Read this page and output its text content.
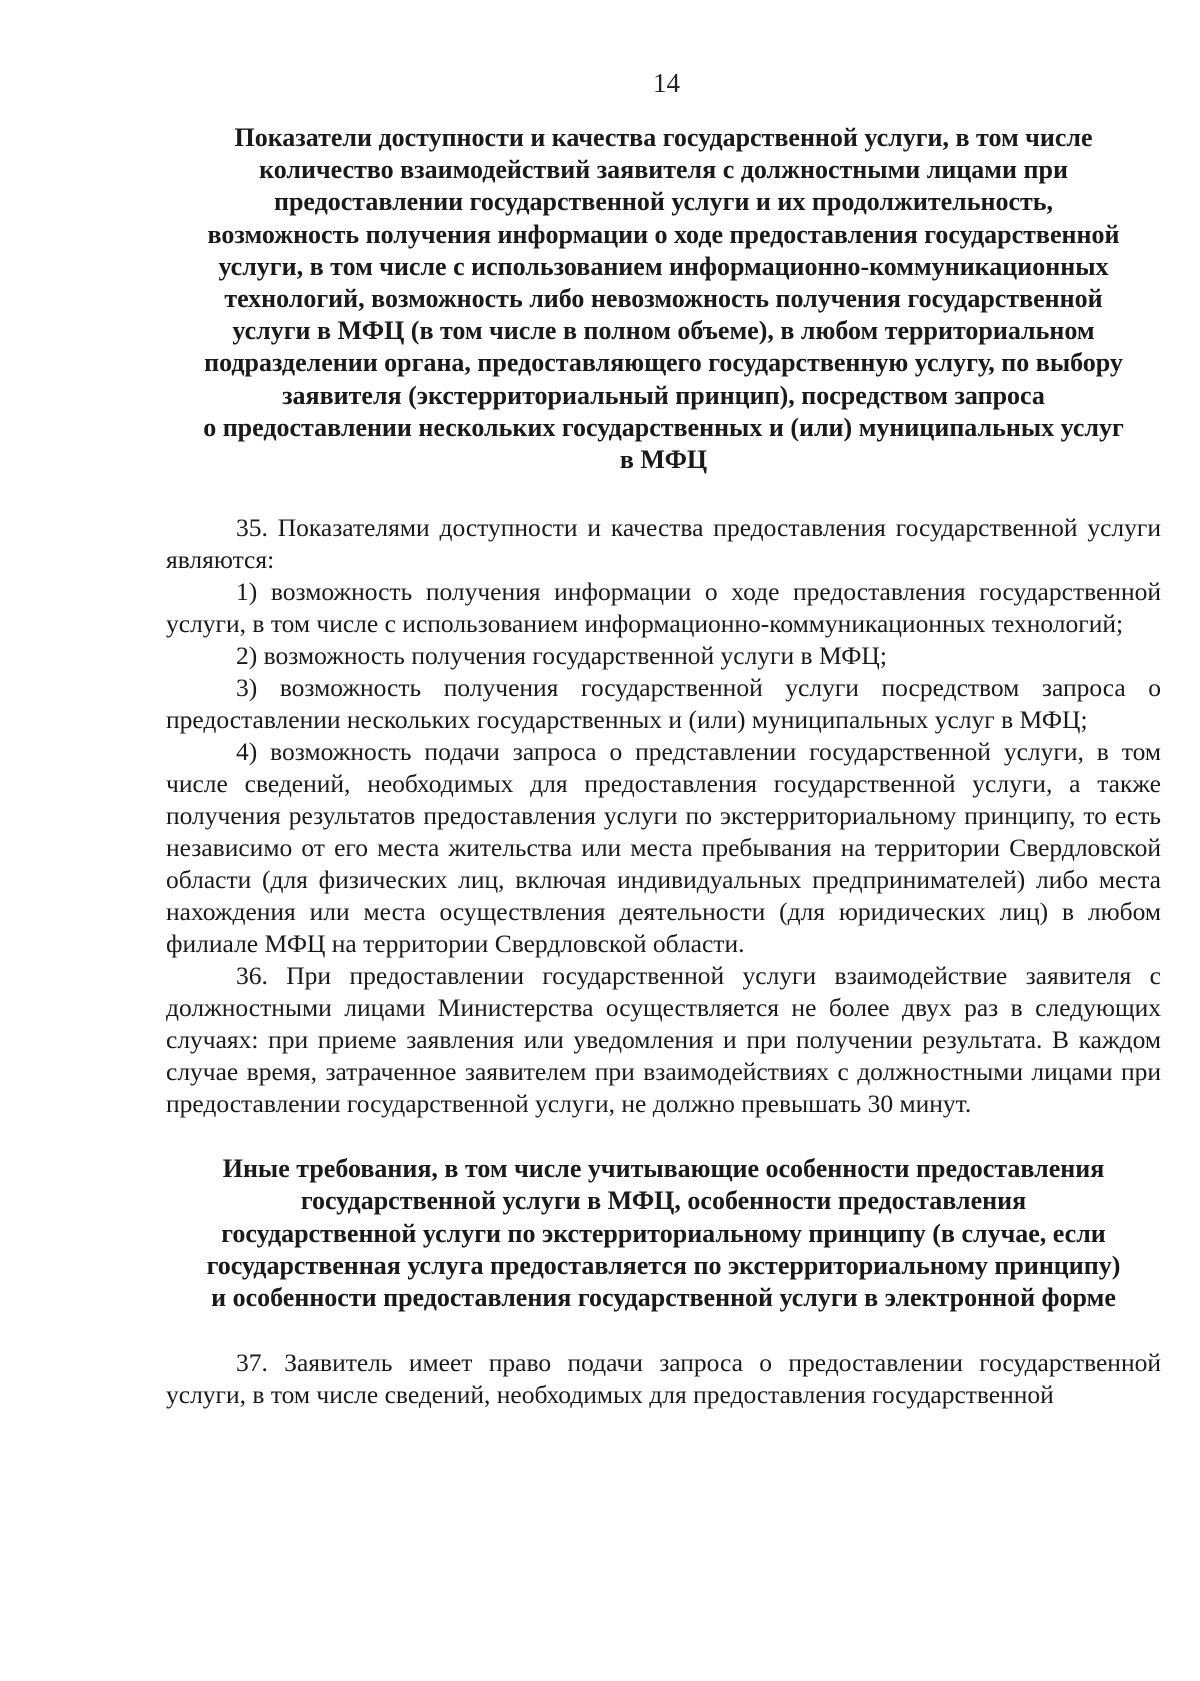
14
Показатели доступности и качества государственной услуги, в том числе
количество взаимодействий заявителя с должностными лицами при
предоставлении государственной услуги и их продолжительность,
возможность получения информации о ходе предоставления государственной
услуги, в том числе с использованием информационно-коммуникационных
технологий, возможность либо невозможность получения государственной
услуги в МФЦ (в том числе в полном объеме), в любом территориальном
подразделении органа, предоставляющего государственную услугу, по выбору
заявителя (экстерриториальный принцип), посредством запроса
о предоставлении нескольких государственных и (или) муниципальных услуг
в МФЦ

35. Показателями доступности и качества предоставления государственной услуги являются:

1) возможность получения информации о ходе предоставления государственной услуги, в том числе с использованием информационно-коммуникационных технологий;

2) возможность получения государственной услуги в МФЦ;

3) возможность получения государственной услуги посредством запроса о предоставлении нескольких государственных и (или) муниципальных услуг в МФЦ;

4) возможность подачи запроса о представлении государственной услуги, в том числе сведений, необходимых для предоставления государственной услуги, а также получения результатов предоставления услуги по экстерриториальному принципу, то есть независимо от его места жительства или места пребывания на территории Свердловской области (для физических лиц, включая индивидуальных предпринимателей) либо места нахождения или места осуществления деятельности (для юридических лиц) в любом филиале МФЦ на территории Свердловской области.

36. При предоставлении государственной услуги взаимодействие заявителя с должностными лицами Министерства осуществляется не более двух раз в следующих случаях: при приеме заявления или уведомления и при получении результата. В каждом случае время, затраченное заявителем при взаимодействиях с должностными лицами при предоставлении государственной услуги, не должно превышать 30 минут.

Иные требования, в том числе учитывающие особенности предоставления
государственной услуги в МФЦ, особенности предоставления
государственной услуги по экстерриториальному принципу (в случае, если
государственная услуга предоставляется по экстерриториальному принципу)
и особенности предоставления государственной услуги в электронной форме

37. Заявитель имеет право подачи запроса о предоставлении государственной услуги, в том числе сведений, необходимых для предоставления государственной
